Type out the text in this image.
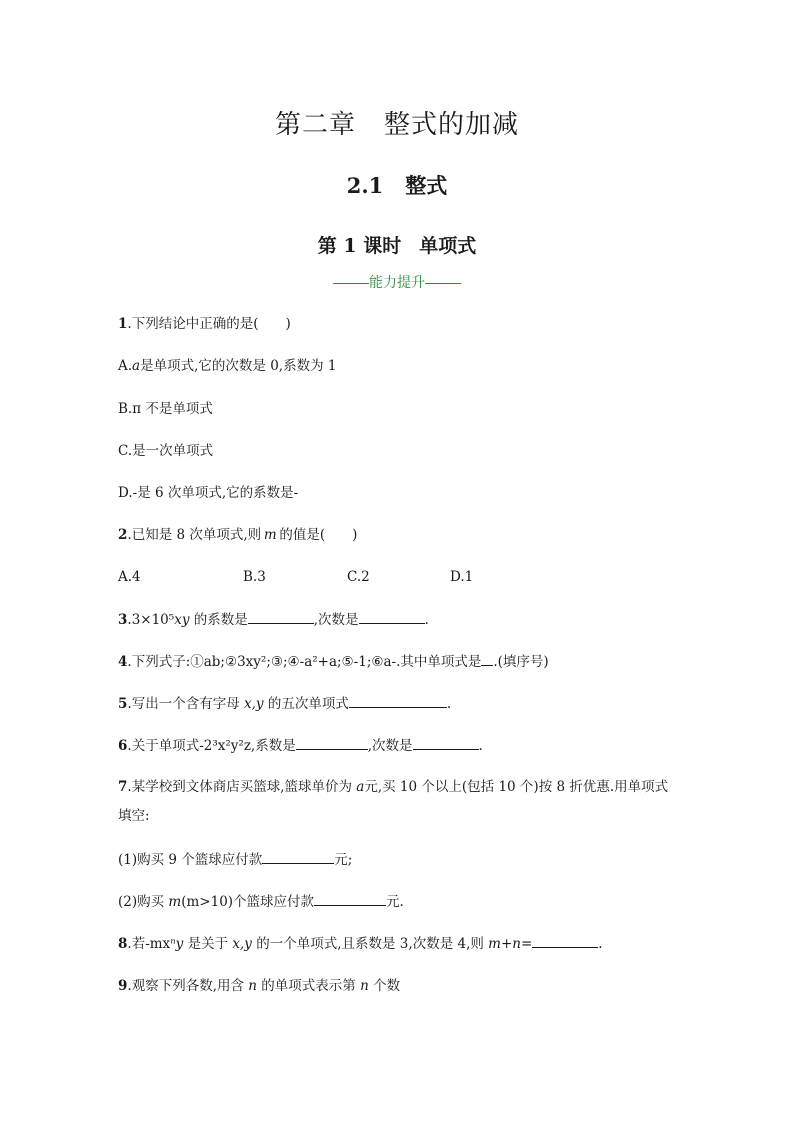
第二章 整式的加减
2.1 整式
第 1 课时 单项式
能力提升
1.下列结论中正确的是(　　)
A.a是单项式,它的次数是 0,系数为 1
B.π 不是单项式
C.是一次单项式
D.-是 6 次单项式,它的系数是-
2.已知是 8 次单项式,则  m  的值是(　　)
A.4	B.3	C.2	D.1
3.3×10⁵xy 的系数是	,次数是	.
4.下列式子:①ab;②3xy²;③;④-a²+a;⑤-1;⑥a-.其中单项式是 .(填序号)
5.写出一个含有字母 x,y 的五次单项式	.
6.关于单项式-2³x²y²z,系数是	,次数是	.
7.某学校到文体商店买篮球,篮球单价为 a元,买 10 个以上(包括 10 个)按 8 折优惠.用单项式
填空:
(1)购买 9 个篮球应付款	元;
(2)购买 m(m>10)个篮球应付款	元.
8.若-mxⁿy 是关于 x,y 的一个单项式,且系数是 3,次数是 4,则 m+n=	.
9.观察下列各数,用含 n 的单项式表示第 n 个数
